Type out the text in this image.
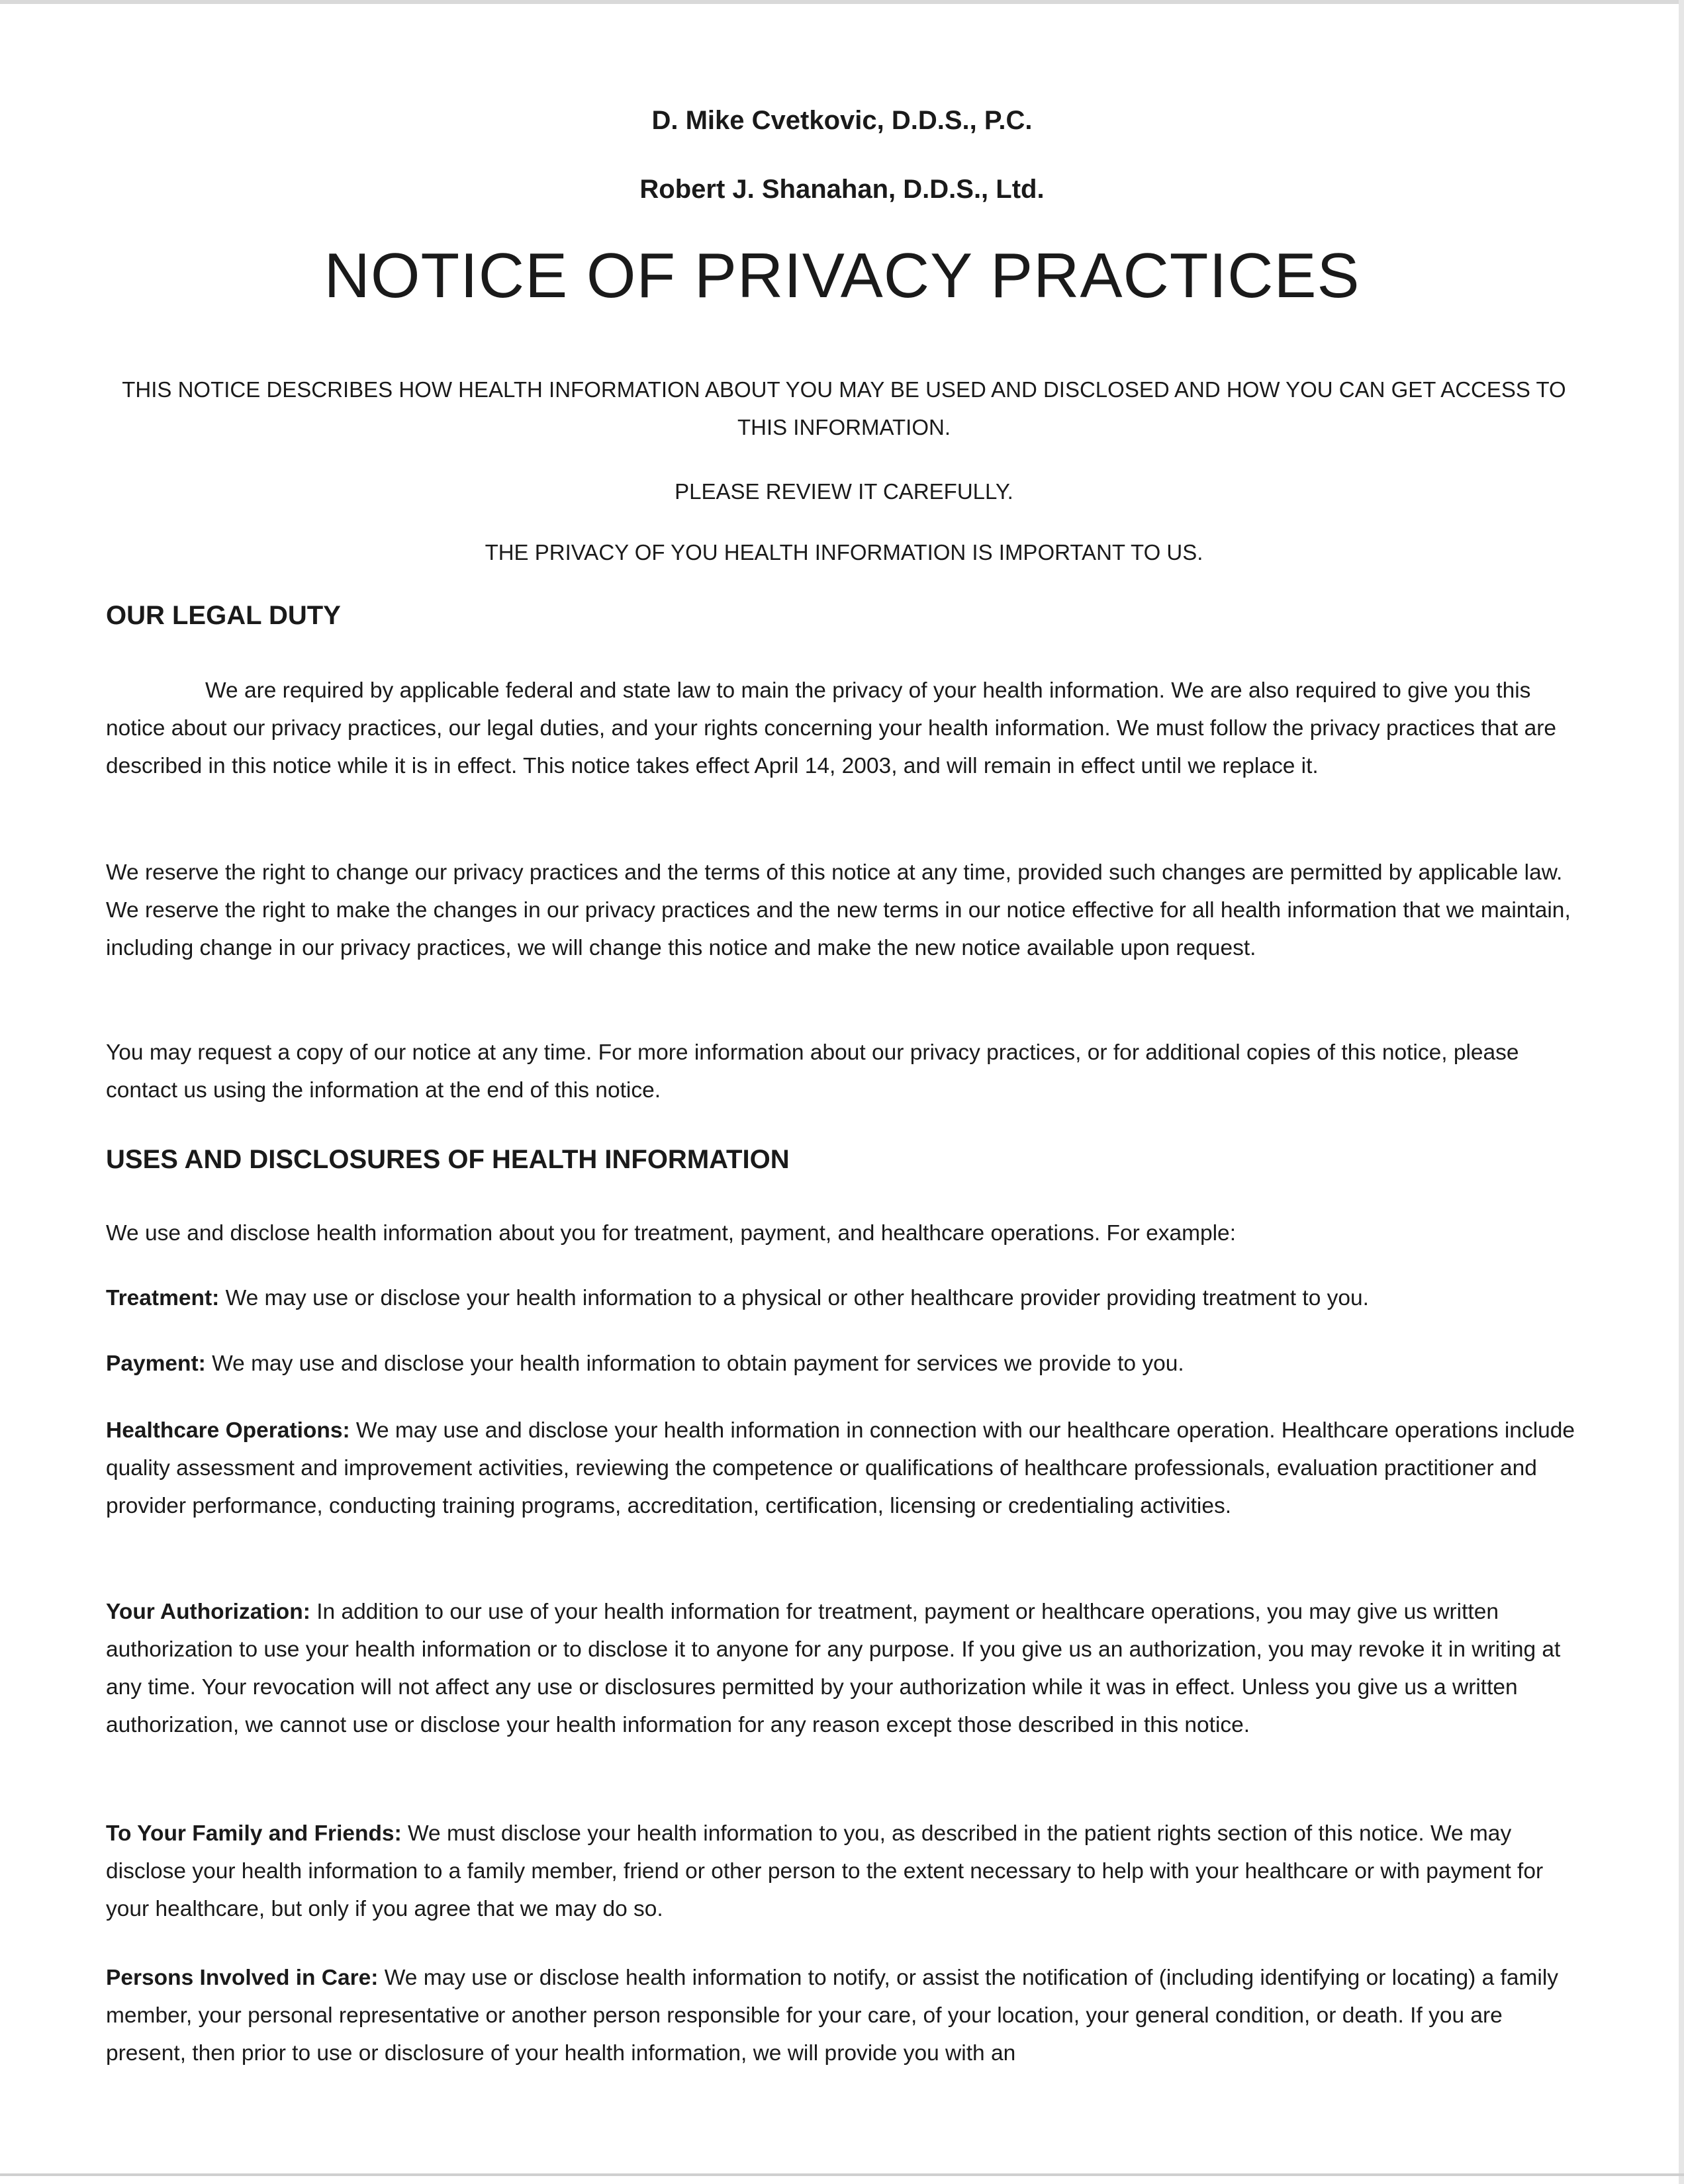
D. Mike Cvetkovic, D.D.S., P.C.
Robert J. Shanahan, D.D.S., Ltd.
NOTICE OF PRIVACY PRACTICES
THIS NOTICE DESCRIBES HOW HEALTH INFORMATION ABOUT YOU MAY BE USED AND DISCLOSED AND HOW YOU CAN GET ACCESS TO THIS INFORMATION.
PLEASE REVIEW IT CAREFULLY.
THE PRIVACY OF YOU HEALTH INFORMATION IS IMPORTANT TO US.
OUR LEGAL DUTY
We are required by applicable federal and state law to main the privacy of your health information. We are also required to give you this notice about our privacy practices, our legal duties, and your rights concerning your health information. We must follow the privacy practices that are described in this notice while it is in effect. This notice takes effect April 14, 2003, and will remain in effect until we replace it.
We reserve the right to change our privacy practices and the terms of this notice at any time, provided such changes are permitted by applicable law. We reserve the right to make the changes in our privacy practices and the new terms in our notice effective for all health information that we maintain, including change in our privacy practices, we will change this notice and make the new notice available upon request.
You may request a copy of our notice at any time. For more information about our privacy practices, or for additional copies of this notice, please contact us using the information at the end of this notice.
USES AND DISCLOSURES OF HEALTH INFORMATION
We use and disclose health information about you for treatment, payment, and healthcare operations. For example:
Treatment: We may use or disclose your health information to a physical or other healthcare provider providing treatment to you.
Payment: We may use and disclose your health information to obtain payment for services we provide to you.
Healthcare Operations: We may use and disclose your health information in connection with our healthcare operation. Healthcare operations include quality assessment and improvement activities, reviewing the competence or qualifications of healthcare professionals, evaluation practitioner and provider performance, conducting training programs, accreditation, certification, licensing or credentialing activities.
Your Authorization: In addition to our use of your health information for treatment, payment or healthcare operations, you may give us written authorization to use your health information or to disclose it to anyone for any purpose. If you give us an authorization, you may revoke it in writing at any time. Your revocation will not affect any use or disclosures permitted by your authorization while it was in effect. Unless you give us a written authorization, we cannot use or disclose your health information for any reason except those described in this notice.
To Your Family and Friends: We must disclose your health information to you, as described in the patient rights section of this notice. We may disclose your health information to a family member, friend or other person to the extent necessary to help with your healthcare or with payment for your healthcare, but only if you agree that we may do so.
Persons Involved in Care: We may use or disclose health information to notify, or assist the notification of (including identifying or locating) a family member, your personal representative or another person responsible for your care, of your location, your general condition, or death. If you are present, then prior to use or disclosure of your health information, we will provide you with an
